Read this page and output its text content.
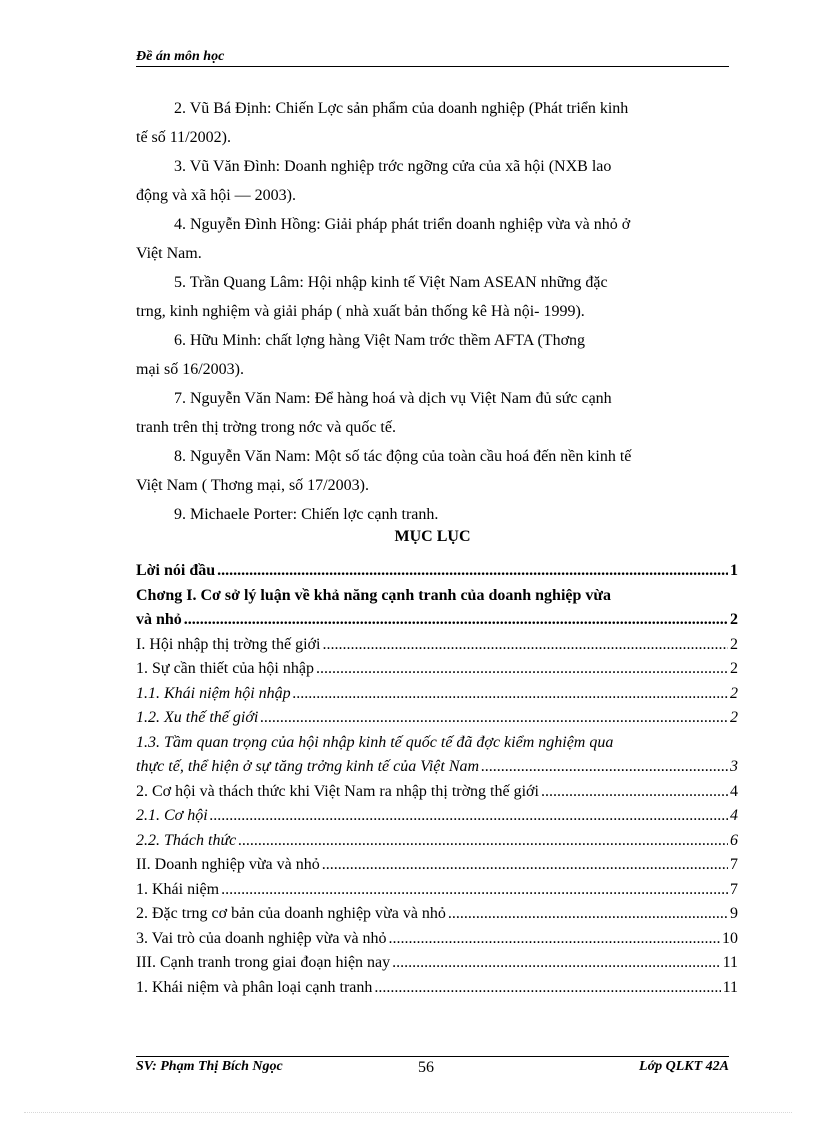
Đề án môn học

2. Vũ Bá Định: Chiến Lợc sản phẩm của doanh nghiệp (Phát triển kinh
tế số 11/2002).

3. Vũ Văn Đình: Doanh nghiệp trớc ngỡng cửa của xã hội (NXB lao
động và xã hội — 2003).

4. Nguyễn Đình Hồng: Giải pháp phát triển doanh nghiệp vừa và nhỏ ở
Việt Nam.

5. Trần Quang Lâm: Hội nhập kinh tế Việt Nam ASEAN những đặc
trng, kinh nghiệm và giải pháp ( nhà xuất bản thống kê Hà nội- 1999).

6. Hữu Minh: chất lợng hàng Việt Nam trớc thềm AFTA (Thơng
mại số 16/2003).

7. Nguyễn Văn Nam: Để hàng hoá và dịch vụ Việt Nam đủ sức cạnh
tranh trên thị trờng trong nớc và quốc tế.

8. Nguyễn Văn Nam: Một số tác động của toàn cầu hoá đến nền kinh tế
Việt Nam ( Thơng mại, số 17/2003).

9. Michaele Porter: Chiến lợc cạnh tranh.

MỤC LỤC
Lời nói đầu .....	1
Chơng I. Cơ sở lý luận về khả năng cạnh tranh của doanh nghiệp vừa
và nhỏ .....	2
I. Hội nhập thị trờng thế giới .....	2
1. Sự cần thiết của hội nhập .....	2
1.1. Khái niệm hội nhập .....	2
1.2. Xu thế thế giới .....	2
1.3. Tầm quan trọng của hội nhập kinh tế quốc tế đã đợc kiểm nghiệm qua
thực tế, thể hiện ở sự tăng trởng kinh tế của Việt Nam .....	3
2. Cơ hội và thách thức khi Việt Nam ra nhập thị trờng thế giới .....	4
2.1. Cơ hội .....	4
2.2. Thách thức .....	6
II. Doanh nghiệp vừa và nhỏ .....	7
1. Khái niệm .....	7
2. Đặc trng cơ bản của doanh nghiệp vừa và nhỏ .....	9
3. Vai trò của doanh nghiệp vừa và nhỏ .....	10
III. Cạnh tranh trong giai đoạn hiện nay .....	11
1. Khái niệm và phân loại cạnh tranh .....	11
SV: Phạm Thị Bích Ngọc	56	Lớp QLKT 42A
